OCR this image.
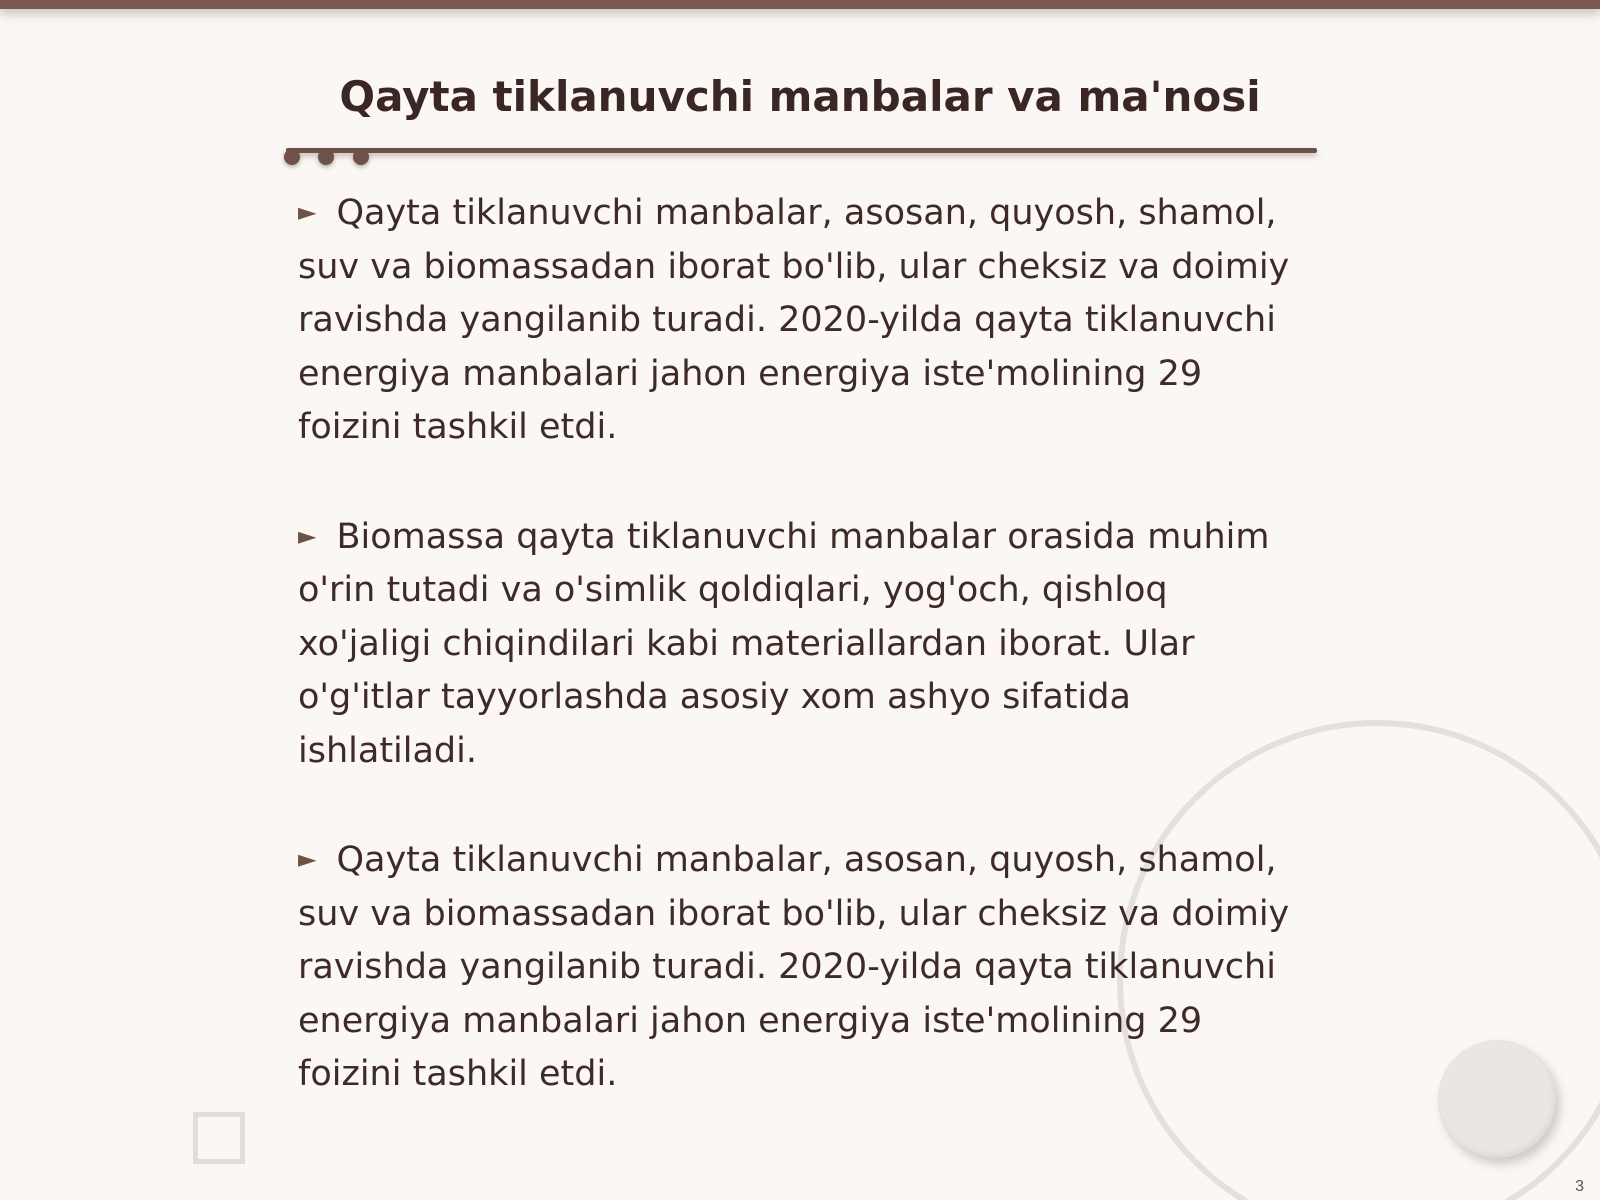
Qayta tiklanuvchi manbalar va ma'nosi

► Qayta tiklanuvchi manbalar, asosan, quyosh, shamol, suv va biomassadan iborat bo'lib, ular cheksiz va doimiy ravishda yangilanib turadi. 2020-yilda qayta tiklanuvchi energiya manbalari jahon energiya iste'molining 29 foizini tashkil etdi.

► Biomassa qayta tiklanuvchi manbalar orasida muhim o'rin tutadi va o'simlik qoldiqlari, yog'och, qishloq xo'jaligi chiqindilari kabi materiallardan iborat. Ular o'g'itlar tayyorlashda asosiy xom ashyo sifatida ishlatiladi.

► Qayta tiklanuvchi manbalar, asosan, quyosh, shamol, suv va biomassadan iborat bo'lib, ular cheksiz va doimiy ravishda yangilanib turadi. 2020-yilda qayta tiklanuvchi energiya manbalari jahon energiya iste'molining 29 foizini tashkil etdi.

3
